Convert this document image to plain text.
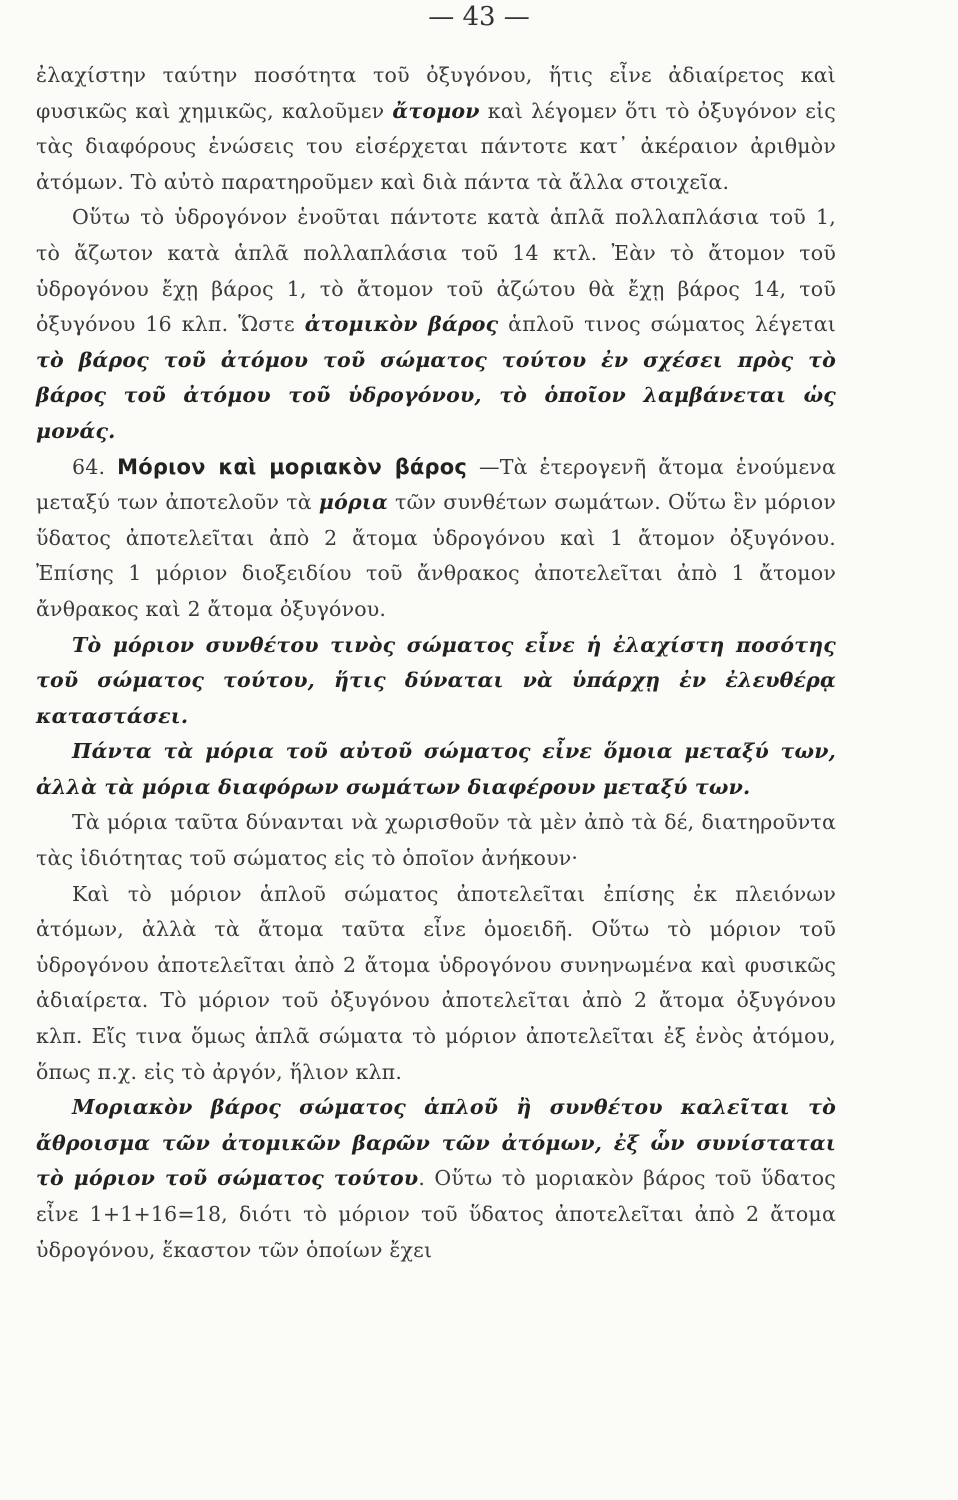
— 43 —

ἐλαχίστην ταύτην ποσότητα τοῦ ὀξυγόνου, ἥτις εἶνε ἀδιαίρετος καὶ φυσικῶς καὶ χημικῶς, καλοῦμεν ἄτομον καὶ λέγομεν ὅτι τὸ ὀξυγόνον εἰς τὰς διαφόρους ἑνώσεις του εἰσέρχεται πάντοτε κατ᾽ ἀκέραιον ἀριθμὸν ἀτόμων. Τὸ αὐτὸ παρατηροῦμεν καὶ διὰ πάντα τὰ ἄλλα στοιχεῖα.

Οὕτω τὸ ὑδρογόνον ἑνοῦται πάντοτε κατὰ ἁπλᾶ πολλαπλάσια τοῦ 1, τὸ ἄζωτον κατὰ ἁπλᾶ πολλαπλάσια τοῦ 14 κτλ. Ἐὰν τὸ ἄτομον τοῦ ὑδρογόνου ἔχῃ βάρος 1, τὸ ἄτομον τοῦ ἀζώτου θὰ ἔχῃ βάρος 14, τοῦ ὀξυγόνου 16 κλπ. Ὥστε ἀτομικὸν βάρος ἁπλοῦ τινος σώματος λέγεται τὸ βάρος τοῦ ἀτόμου τοῦ σώματος τούτου ἐν σχέσει πρὸς τὸ βάρος τοῦ ἀτόμου τοῦ ὑδρογόνου, τὸ ὁποῖον λαμβάνεται ὡς μονάς.

64. Μόριον καὶ μοριακὸν βάρος —Τὰ ἑτερογενῆ ἄτομα ἑνούμενα μεταξύ των ἀποτελοῦν τὰ μόρια τῶν συνθέτων σωμάτων. Οὕτω ἓν μόριον ὕδατος ἀποτελεῖται ἀπὸ 2 ἄτομα ὑδρογόνου καὶ 1 ἄτομον ὀξυγόνου. Ἐπίσης 1 μόριον διοξειδίου τοῦ ἄνθρακος ἀποτελεῖται ἀπὸ 1 ἄτομον ἄνθρακος καὶ 2 ἄτομα ὀξυγόνου.

Τὸ μόριον συνθέτου τινὸς σώματος εἶνε ἡ ἐλαχίστη ποσότης τοῦ σώματος τούτου, ἥτις δύναται νὰ ὑπάρχῃ ἐν ἐλευθέρᾳ καταστάσει.

Πάντα τὰ μόρια τοῦ αὐτοῦ σώματος εἶνε ὅμοια μεταξύ των, ἀλλὰ τὰ μόρια διαφόρων σωμάτων διαφέρουν μεταξύ των.

Τὰ μόρια ταῦτα δύνανται νὰ χωρισθοῦν τὰ μὲν ἀπὸ τὰ δέ, διατηροῦντα τὰς ἰδιότητας τοῦ σώματος εἰς τὸ ὁποῖον ἀνήκουν·

Καὶ τὸ μόριον ἁπλοῦ σώματος ἀποτελεῖται ἐπίσης ἐκ πλειόνων ἀτόμων, ἀλλὰ τὰ ἄτομα ταῦτα εἶνε ὁμοειδῆ. Οὕτω τὸ μόριον τοῦ ὑδρογόνου ἀποτελεῖται ἀπὸ 2 ἄτομα ὑδρογόνου συνηνωμένα καὶ φυσικῶς ἀδιαίρετα. Τὸ μόριον τοῦ ὀξυγόνου ἀποτελεῖται ἀπὸ 2 ἄτομα ὀξυγόνου κλπ. Εἴς τινα ὅμως ἁπλᾶ σώματα τὸ μόριον ἀποτελεῖται ἐξ ἑνὸς ἀτόμου, ὅπως π.χ. εἰς τὸ ἀργόν, ἥλιον κλπ.

Μοριακὸν βάρος σώματος ἁπλοῦ ἢ συνθέτου καλεῖται τὸ ἄθροισμα τῶν ἀτομικῶν βαρῶν τῶν ἀτόμων, ἐξ ὧν συνίσταται τὸ μόριον τοῦ σώματος τούτου. Οὕτω τὸ μοριακὸν βάρος τοῦ ὕδατος εἶνε 1+1+16=18, διότι τὸ μόριον τοῦ ὕδατος ἀποτελεῖται ἀπὸ 2 ἄτομα ὑδρογόνου, ἕκαστον τῶν ὁποίων ἔχει
